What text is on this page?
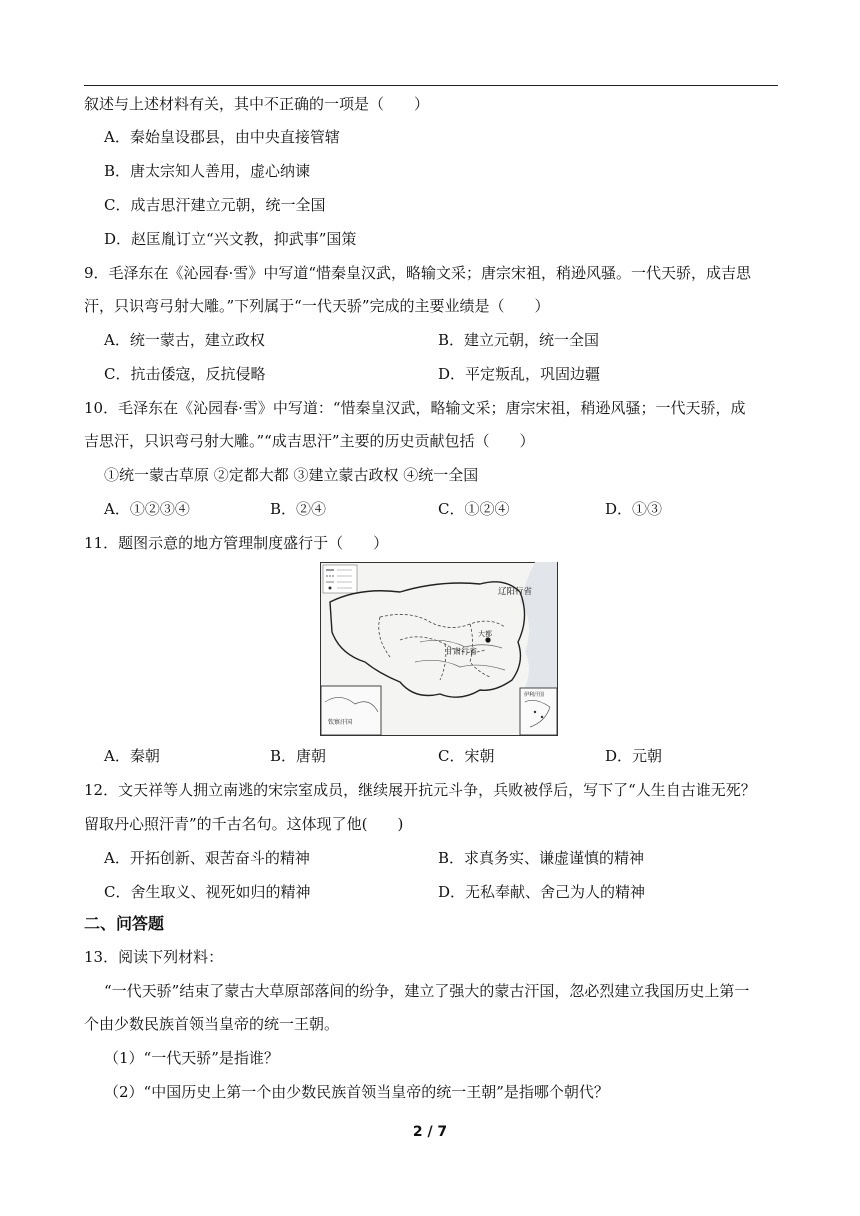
叙述与上述材料有关，其中不正确的一项是（　　）
A．秦始皇设郡县，由中央直接管辖
B．唐太宗知人善用，虚心纳谏
C．成吉思汗建立元朝，统一全国
D．赵匡胤订立“兴文教，抑武事”国策
9．毛泽东在《沁园春·雪》中写道“惜秦皇汉武，略输文采；唐宗宋祖，稍逊风骚。一代天骄，成吉思
汗，只识弯弓射大雕。”下列属于“一代天骄”完成的主要业绩是（　　）
A．统一蒙古，建立政权	B．建立元朝，统一全国
C．抗击倭寇，反抗侵略	D．平定叛乱，巩固边疆
10．毛泽东在《沁园春·雪》中写道：“惜秦皇汉武，略输文采；唐宗宋祖，稍逊风骚；一代天骄，成
吉思汗，只识弯弓射大雕。”“成吉思汗”主要的历史贡献包括（　　）
①统一蒙古草原 ②定都大都 ③建立蒙古政权 ④统一全国
A．①②③④	B．②④	C．①②④	D．①③
11．题图示意的地方管理制度盛行于（　　）
大都
辽阳行省
甘肃行省
钦察汗国
伊利汗国
A．秦朝	B．唐朝	C．宋朝	D．元朝
12．文天祥等人拥立南逃的宋宗室成员，继续展开抗元斗争，兵败被俘后，写下了“人生自古谁无死？
留取丹心照汗青”的千古名句。这体现了他(　　)
A．开拓创新、艰苦奋斗的精神	B．求真务实、谦虚谨慎的精神
C．舍生取义、视死如归的精神	D．无私奉献、舍己为人的精神
二、问答题
13．阅读下列材料：
“一代天骄”结束了蒙古大草原部落间的纷争，建立了强大的蒙古汗国，忽必烈建立我国历史上第一
个由少数民族首领当皇帝的统一王朝。
（1）“一代天骄”是指谁？
（2）“中国历史上第一个由少数民族首领当皇帝的统一王朝”是指哪个朝代？
2 / 7
